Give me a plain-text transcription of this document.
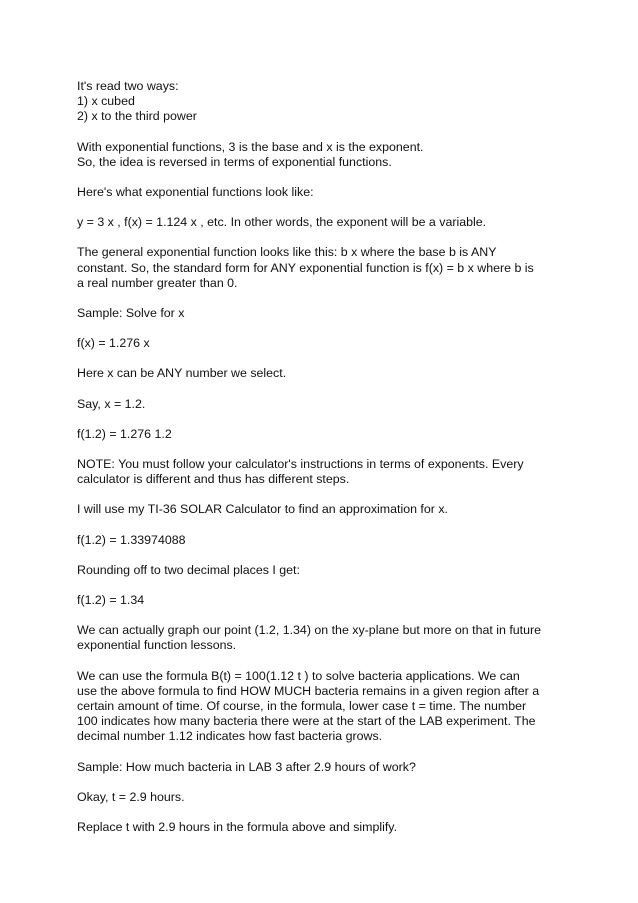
It's read two ways:
1) x cubed
2) x to the third power

With exponential functions, 3 is the base and x is the exponent.
So, the idea is reversed in terms of exponential functions.

Here's what exponential functions look like:

y = 3 x , f(x) = 1.124 x , etc. In other words, the exponent will be a variable.

The general exponential function looks like this: b x where the base b is ANY
constant. So, the standard form for ANY exponential function is f(x) = b x where b is
a real number greater than 0.

Sample: Solve for x

f(x) = 1.276 x

Here x can be ANY number we select.

Say, x = 1.2.

f(1.2) = 1.276 1.2

NOTE: You must follow your calculator's instructions in terms of exponents. Every
calculator is different and thus has different steps.

I will use my TI-36 SOLAR Calculator to find an approximation for x.

f(1.2) = 1.33974088

Rounding off to two decimal places I get:

f(1.2) = 1.34

We can actually graph our point (1.2, 1.34) on the xy-plane but more on that in future
exponential function lessons.

We can use the formula B(t) = 100(1.12 t ) to solve bacteria applications. We can
use the above formula to find HOW MUCH bacteria remains in a given region after a
certain amount of time. Of course, in the formula, lower case t = time. The number
100 indicates how many bacteria there were at the start of the LAB experiment. The
decimal number 1.12 indicates how fast bacteria grows.

Sample: How much bacteria in LAB 3 after 2.9 hours of work?

Okay, t = 2.9 hours.

Replace t with 2.9 hours in the formula above and simplify.
